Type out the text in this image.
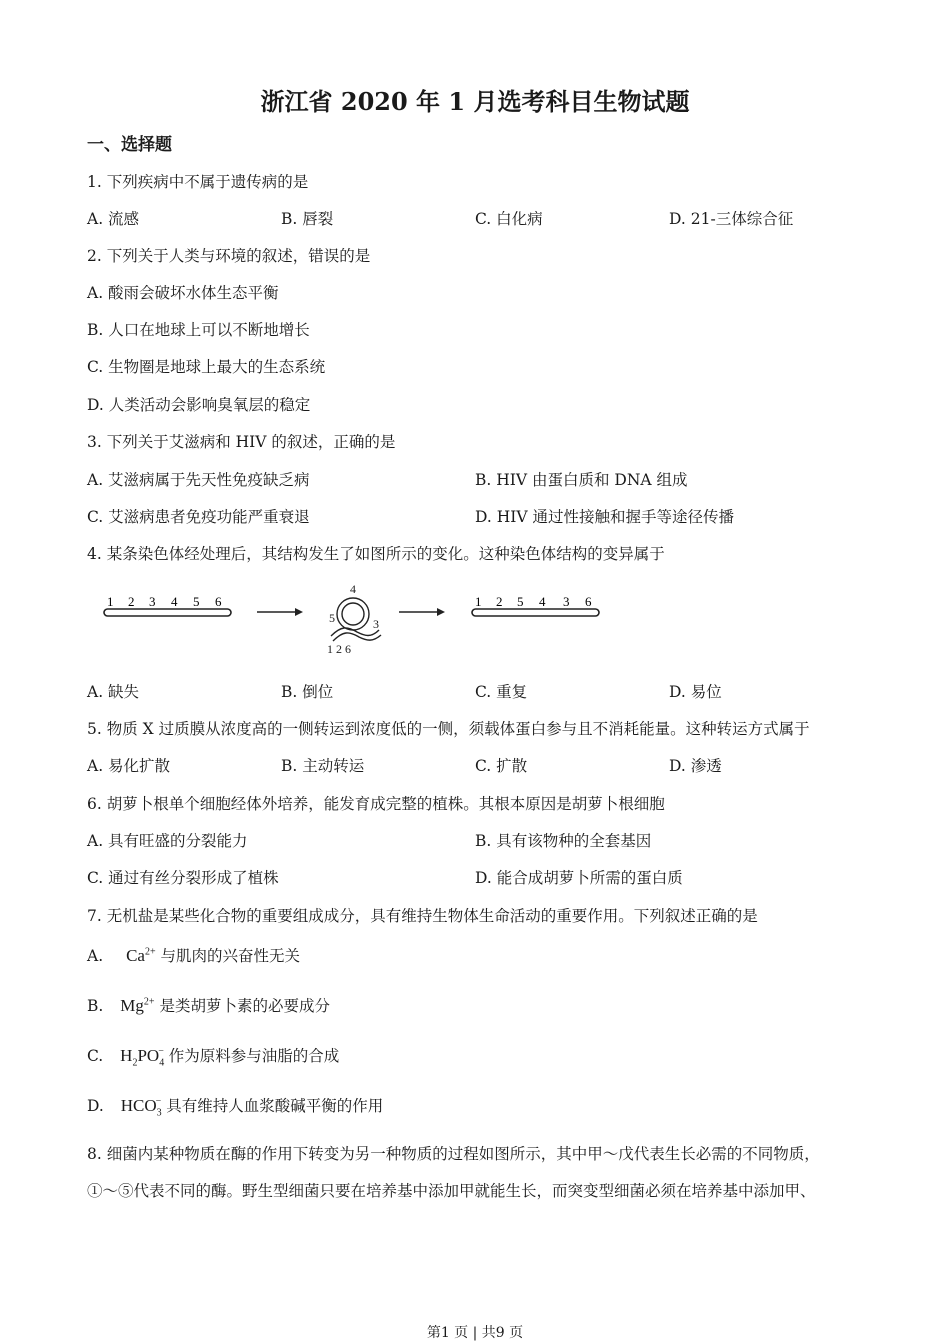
浙江省 2020 年 1 月选考科目生物试题
一、选择题
1. 下列疾病中不属于遗传病的是
A. 流感	B. 唇裂	C. 白化病	D. 21-三体综合征
2. 下列关于人类与环境的叙述，错误的是
A. 酸雨会破坏水体生态平衡
B. 人口在地球上可以不断地增长
C. 生物圈是地球上最大的生态系统
D. 人类活动会影响臭氧层的稳定
3. 下列关于艾滋病和 HIV 的叙述，正确的是
A. 艾滋病属于先天性免疫缺乏病	B. HIV 由蛋白质和 DNA 组成
C. 艾滋病患者免疫功能严重衰退	D. HIV 通过性接触和握手等途径传播
4. 某条染色体经处理后，其结构发生了如图所示的变化。这种染色体结构的变异属于
1 2 3 4 5 6
1 2 6
4
5	3
1 2 5 4 3 6
A. 缺失	B. 倒位	C. 重复	D. 易位
5. 物质 X 过质膜从浓度高的一侧转运到浓度低的一侧，须载体蛋白参与且不消耗能量。这种转运方式属于
A. 易化扩散	B. 主动转运	C. 扩散	D. 渗透
6. 胡萝卜根单个细胞经体外培养，能发育成完整的植株。其根本原因是胡萝卜根细胞
A. 具有旺盛的分裂能力	B. 具有该物种的全套基因
C. 通过有丝分裂形成了植株	D. 能合成胡萝卜所需的蛋白质
7. 无机盐是某些化合物的重要组成成分，具有维持生物体生命活动的重要作用。下列叙述正确的是
A. $Ca^{2+}$ 与肌肉的兴奋性无关
B. $Mg^{2+}$ 是类胡萝卜素的必要成分
C. $H_2PO_4^-$ 作为原料参与油脂的合成
D. $HCO_3^-$ 具有维持人血浆酸碱平衡的作用
8. 细菌内某种物质在酶的作用下转变为另一种物质的过程如图所示，其中甲～戊代表生长必需的不同物质，
①～⑤代表不同的酶。野生型细菌只要在培养基中添加甲就能生长，而突变型细菌必须在培养基中添加甲、
第1 页 | 共9 页
